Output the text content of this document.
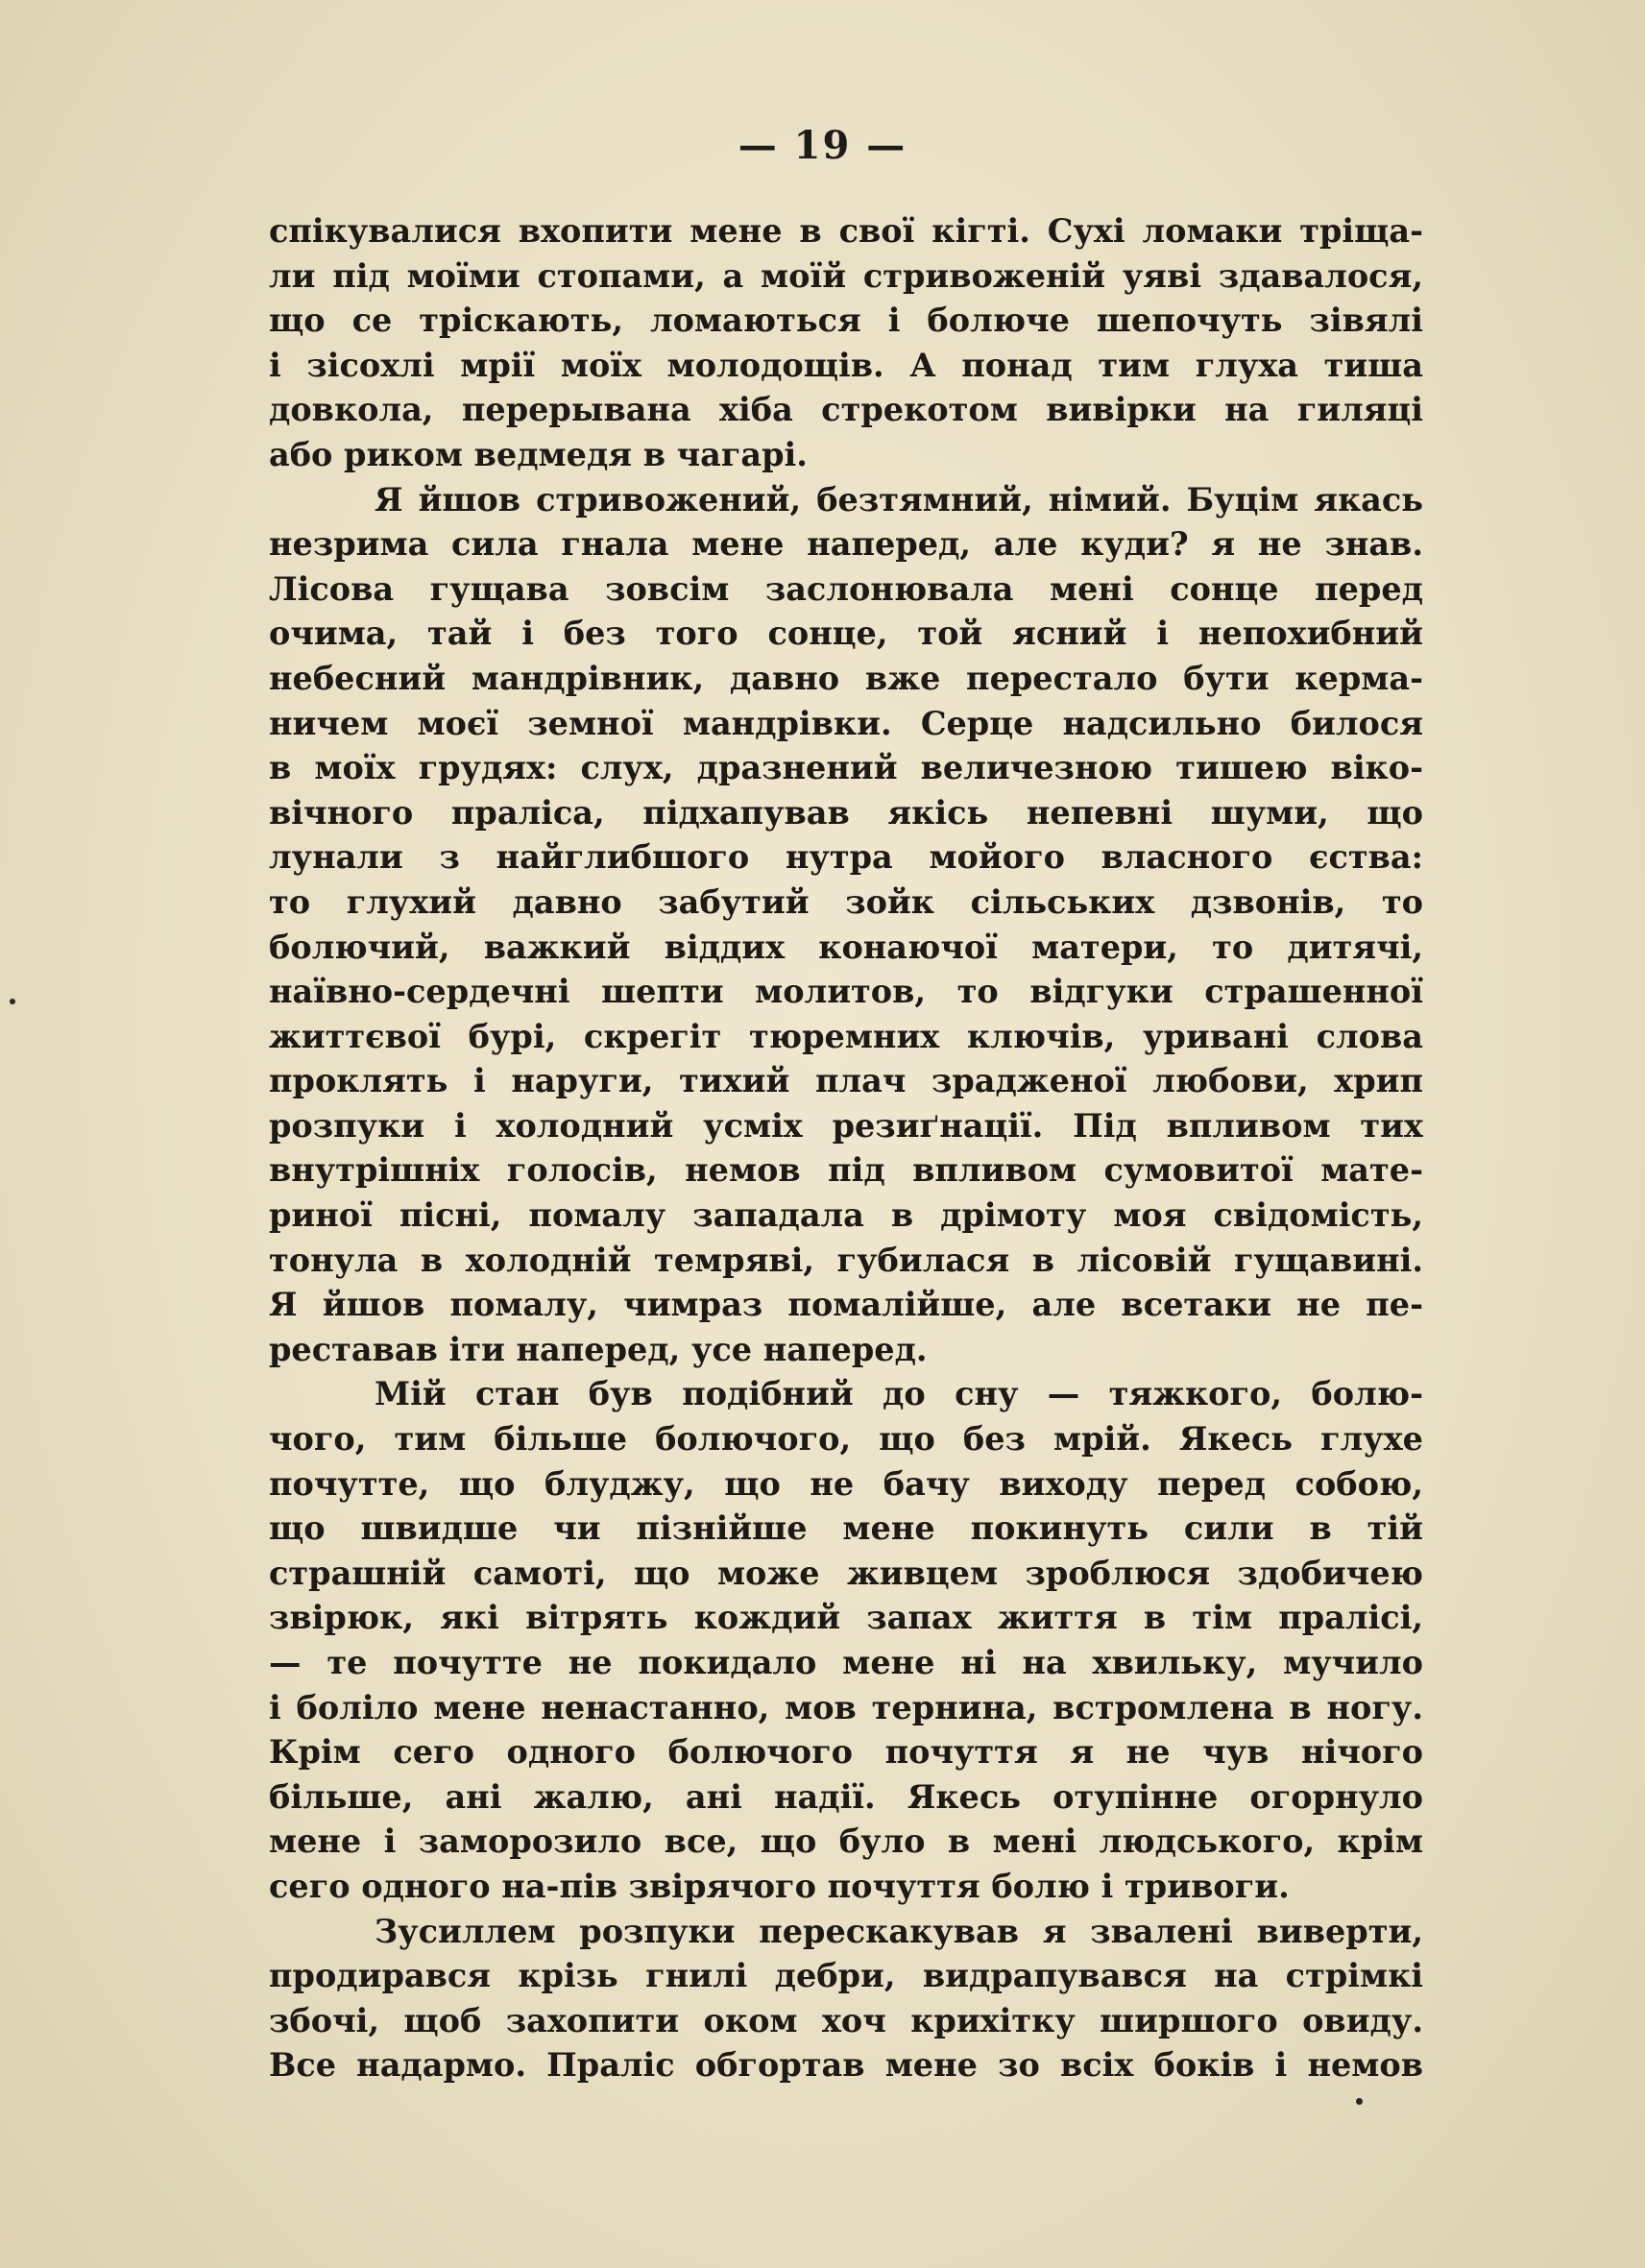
— 19 —
спікувалися вхопити мене в свої кігті. Сухі ломаки тріща-
ли під моїми стопами, а моїй стривоженій уяві здавалося,
що се тріскають, ломаються і болюче шепочуть зівялі
і зісохлі мрії моїх молодощів. А понад тим глуха тиша
довкола, перерывана хіба стрекотом вивірки на гиляці
або риком ведмедя в чагарі.
Я йшов стривожений, безтямний, німий. Буцім якась
незрима сила гнала мене наперед, але куди? я не знав.
Лісова гущава зовсім заслонювала мені сонце перед
очима, тай і без того сонце, той ясний і непохибний
небесний мандрівник, давно вже перестало бути керма-
ничем моєї земної мандрівки. Серце надсильно билося
в моїх грудях: слух, дразнений величезною тишею віко-
вічного праліса, підхапував якісь непевні шуми, що
лунали з найглибшого нутра мойого власного єства:
то глухий давно забутий зойк сільських дзвонів, то
болючий, важкий віддих конаючої матери, то дитячі,
наївно-сердечні шепти молитов, то відгуки страшенної
життєвої бурі, скрегіт тюремних ключів, уривані слова
проклять і наруги, тихий плач зрадженої любови, хрип
розпуки і холодний усміх резиґнації. Під впливом тих
внутрішніх голосів, немов під впливом сумовитої мате-
риної пісні, помалу западала в дрімоту моя свідомість,
тонула в холодній темряві, губилася в лісовій гущавині.
Я йшов помалу, чимраз помалійше, але всетаки не пе-
реставав іти наперед, усе наперед.
Мій стан був подібний до сну — тяжкого, болю-
чого, тим більше болючого, що без мрій. Якесь глухе
почутте, що блуджу, що не бачу виходу перед собою,
що швидше чи пізнійше мене покинуть сили в тій
страшній самоті, що може живцем зроблюся здобичею
звірюк, які вітрять кождий запах життя в тім праліci,
— те почутте не покидало мене ні на хвильку, мучило
і боліло мене ненастанно, мов тернина, встромлена в ногу.
Крім сего одного болючого почуття я не чув нічого
більше, ані жалю, ані надії. Якесь отупінне огорнуло
мене і заморозило все, що було в мені людського, крім
сего одного на-пів звірячого почуття болю і тривоги.
Зусиллем розпуки перескакував я звалені виверти,
продирався крізь гнилі дебри, видрапувався на стрімкі
збочі, щоб захопити оком хоч крихітку ширшого овиду.
Все надармо. Праліс обгортав мене зо всіх боків і немов
